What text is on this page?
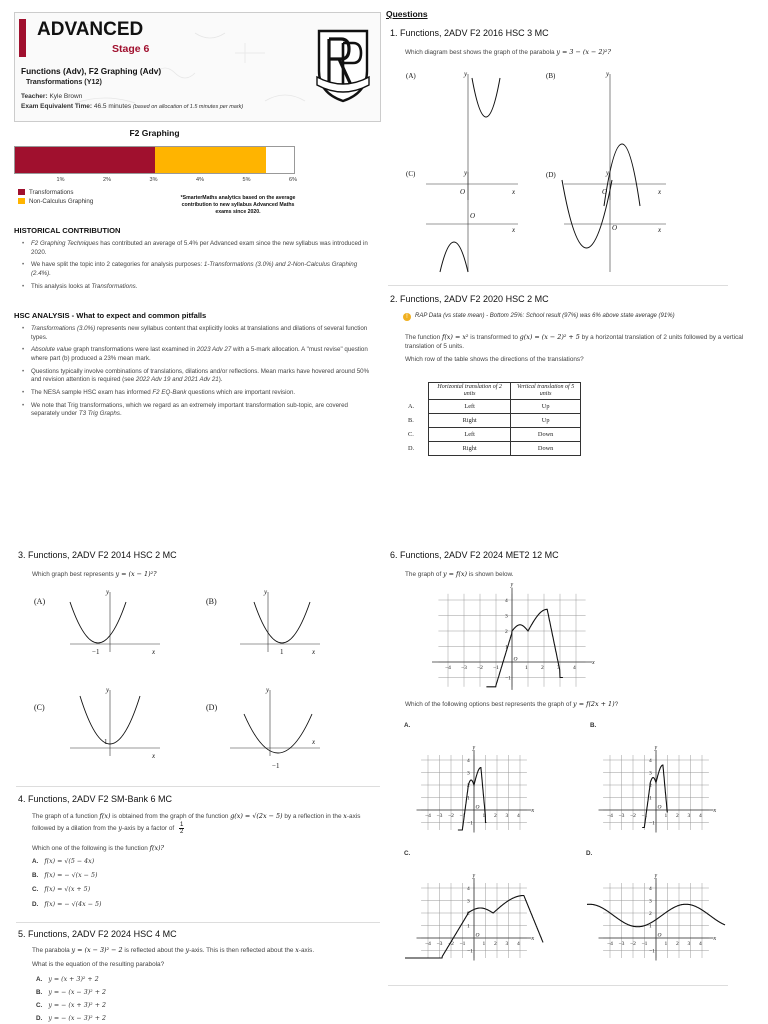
ADVANCED
Stage 6
Functions (Adv), F2 Graphing (Adv)
Transformations (Y12)
Teacher: Kyle Brown
Exam Equivalent Time: 46.5 minutes (based on allocation of 1.5 minutes per mark)
F2 Graphing
1%	2%	3%	4%	5%	6%
Transformations
Non-Calculus Graphing	*SmarterMaths analytics based on the average contribution to new syllabus Advanced Maths exams since 2020.
HISTORICAL CONTRIBUTION
• F2 Graphing Techniques has contributed an average of 5.4% per Advanced exam since the new syllabus was introduced in 2020.
• We have split the topic into 2 categories for analysis purposes: 1-Transformations (3.0%) and 2-Non-Calculus Graphing (2.4%).
• This analysis looks at Transformations.
HSC ANALYSIS - What to expect and common pitfalls
• Transformations (3.0%) represents new syllabus content that explicitly looks at translations and dilations of several function types.
• Absolute value graph transformations were last examined in 2023 Adv 27 with a 5-mark allocation. A "must revise" question where part (b) produced a 23% mean mark.
• Questions typically involve combinations of translations, dilations and/or reflections. Mean marks have hovered around 50% and revision attention is required (see 2022 Adv 19 and 2021 Adv 21).
• The NESA sample HSC exam has informed F2 EQ-Bank questions which are important revision.
• We note that Trig transformations, which we regard as an extremely important transformation sub-topic, are covered separately under T3 Trig Graphs.
Questions
1. Functions, 2ADV F2 2016 HSC 3 MC
Which diagram best shows the graph of the parabola y = 3 − (x − 2)²?
(A)	y
x
O
(B)	y
x
O
(C)	(D)
y
x
O
y
x
O
2. Functions, 2ADV F2 2020 HSC 2 MC
! RAP Data (vs state mean) - Bottom 25%: School result (97%) was 6% above state average (91%)
The function f(x) = x² is transformed to g(x) = (x − 2)² + 5 by a horizontal translation of 2 units followed by a vertical translation of 5 units.
Which row of the table shows the directions of the translations?
	Horizontal translation of 2 units	Vertical translation of 5 units
A.	Left	Up
B.	Right	Up
C.	Left	Down
D.	Right	Down
3. Functions, 2ADV F2 2014 HSC 2 MC
Which graph best represents y = (x − 1)²?
(A)
y
x
−1
(B)
y
x
1
(C)
y
x
1
(D)
y
x
−1
4. Functions, 2ADV F2 SM-Bank 6 MC
The graph of a function f(x) is obtained from the graph of the function g(x) = √(2x − 5) by a reflection in the x-axis followed by a dilation from the y-axis by a factor of $\frac{1}{2}$
Which one of the following is the function f(x)?
A. f(x) = √(5 − 4x)
B. f(x) = − √(x − 5)
C. f(x) = √(x + 5)
D. f(x) = − √(4x − 5)
5. Functions, 2ADV F2 2024 HSC 4 MC
The parabola y = (x − 3)² − 2 is reflected about the y-axis. This is then reflected about the x-axis.
What is the equation of the resulting parabola?
A. y = (x + 3)² + 2
B. y = − (x − 3)² + 2
C. y = − (x + 3)² + 2
D. y = − (x − 3)² + 2
6. Functions, 2ADV F2 2024 MET2 12 MC
The graph of y = f(x) is shown below.
Which of the following options best represents the graph of y = f(2x + 1)?
A.	B.
C.	D.
−4 −3 −2 −1	1 2 3 4
4
3
2
1
−1
x
y
O
−4 −3 −2 −1	1 2 3 4
4
3
2
1
−1
x
y
O
−4 −3 −2 −1	1 2 3 4
4
3
2
1
−1
x
y
O
−4 −3 −2 −1	1 2 3 4
4
3
2
1
−1
x
y
O
−4 −3 −2 −1	1 2 3 4
4
3
2
1
−1
x
y
O
